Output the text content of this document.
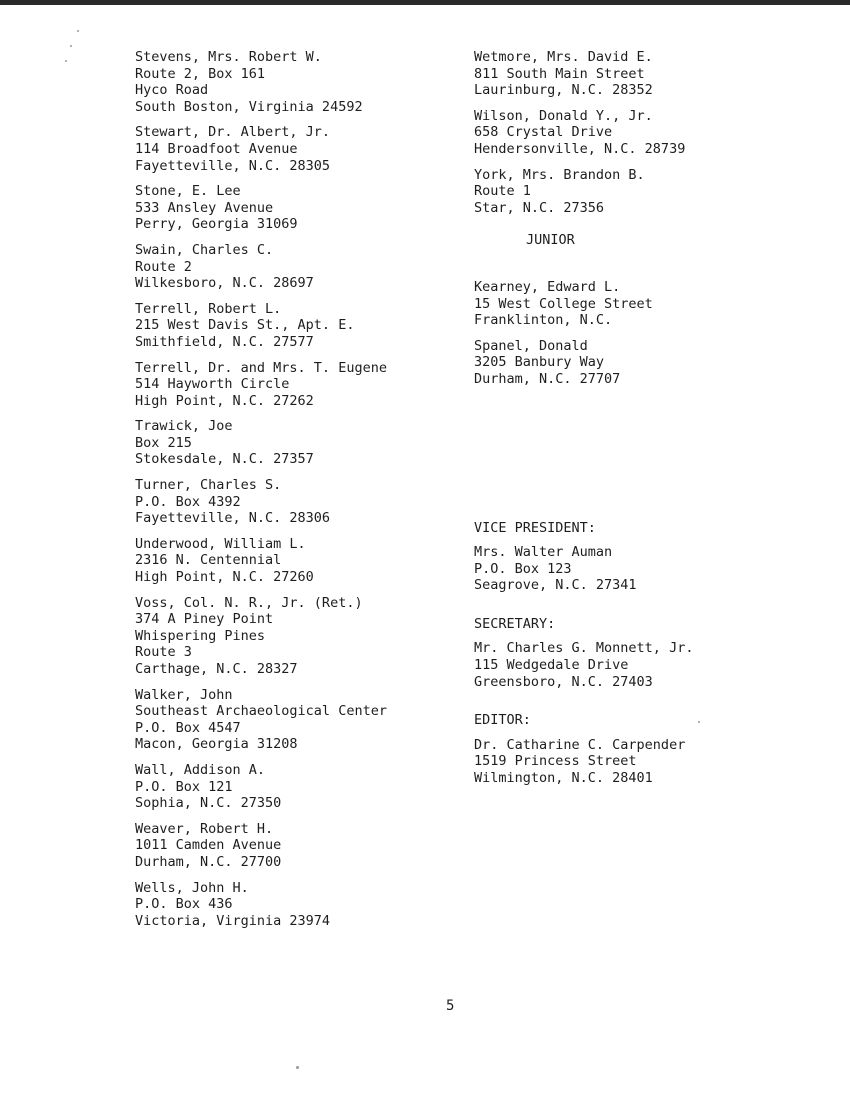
Stevens, Mrs. Robert W.
Route 2, Box 161
Hyco Road
South Boston, Virginia 24592
Stewart, Dr. Albert, Jr.
114 Broadfoot Avenue
Fayetteville, N.C. 28305
Stone, E. Lee
533 Ansley Avenue
Perry, Georgia 31069
Swain, Charles C.
Route 2
Wilkesboro, N.C. 28697
Terrell, Robert L.
215 West Davis St., Apt. E.
Smithfield, N.C. 27577
Terrell, Dr. and Mrs. T. Eugene
514 Hayworth Circle
High Point, N.C. 27262
Trawick, Joe
Box 215
Stokesdale, N.C. 27357
Turner, Charles S.
P.O. Box 4392
Fayetteville, N.C. 28306
Underwood, William L.
2316 N. Centennial
High Point, N.C. 27260
Voss, Col. N. R., Jr. (Ret.)
374 A Piney Point
Whispering Pines
Route 3
Carthage, N.C. 28327
Walker, John
Southeast Archaeological Center
P.O. Box 4547
Macon, Georgia 31208
Wall, Addison A.
P.O. Box 121
Sophia, N.C. 27350
Weaver, Robert H.
1011 Camden Avenue
Durham, N.C. 27700
Wells, John H.
P.O. Box 436
Victoria, Virginia 23974
Wetmore, Mrs. David E.
811 South Main Street
Laurinburg, N.C. 28352
Wilson, Donald Y., Jr.
658 Crystal Drive
Hendersonville, N.C. 28739
York, Mrs. Brandon B.
Route 1
Star, N.C. 27356
JUNIOR
Kearney, Edward L.
15 West College Street
Franklinton, N.C.
Spanel, Donald
3205 Banbury Way
Durham, N.C. 27707
VICE PRESIDENT:
Mrs. Walter Auman
P.O. Box 123
Seagrove, N.C. 27341
SECRETARY:
Mr. Charles G. Monnett, Jr.
115 Wedgedale Drive
Greensboro, N.C. 27403
EDITOR:
Dr. Catharine C. Carpender
1519 Princess Street
Wilmington, N.C. 28401
5
